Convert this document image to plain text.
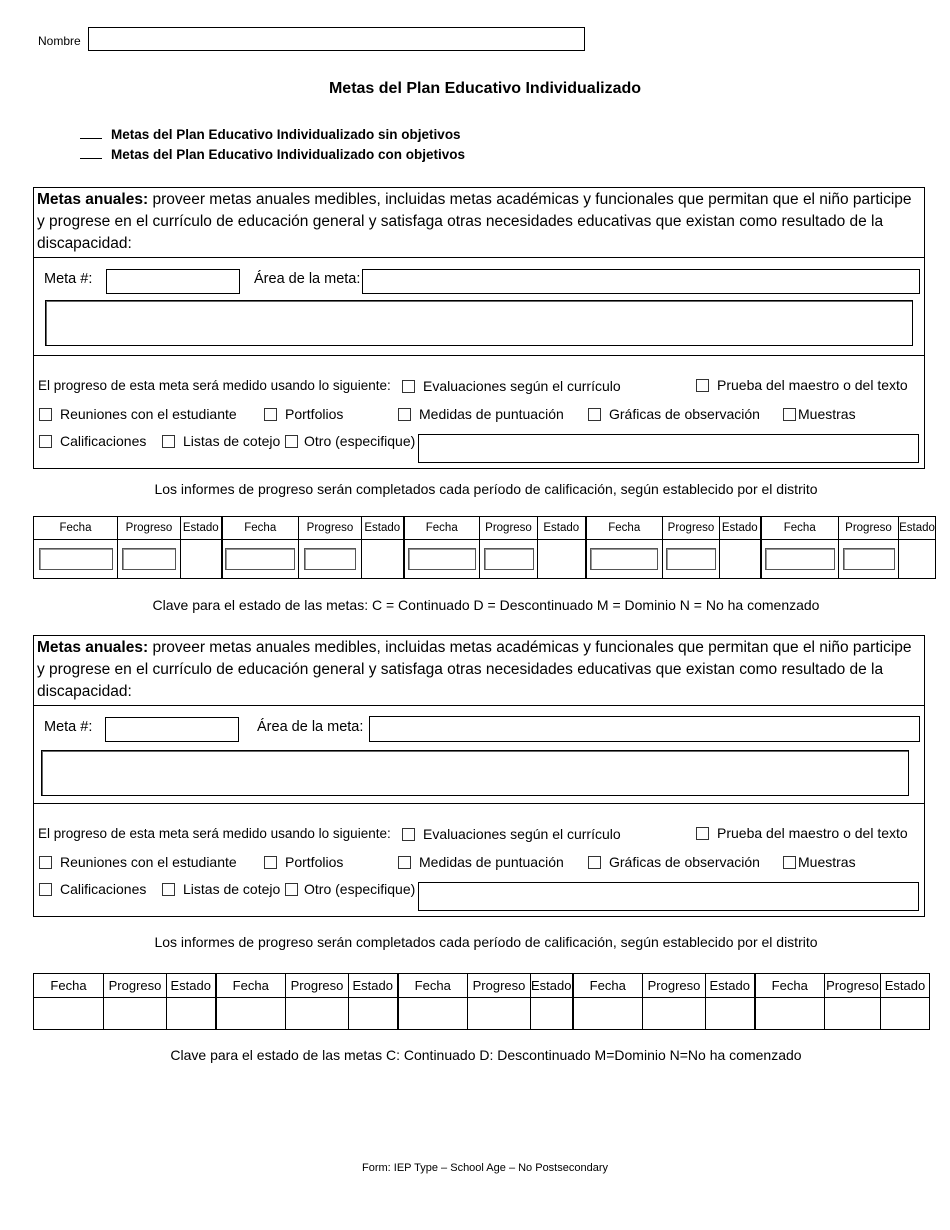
Nombre
Metas del Plan Educativo Individualizado
Metas del Plan Educativo Individualizado sin objetivos
Metas del Plan Educativo Individualizado con objetivos
Metas anuales: proveer metas anuales medibles, incluidas metas académicas y funcionales que permitan que el niño participe y progrese en el currículo de educación general y satisfaga otras necesidades educativas que existan como resultado de la discapacidad:
Meta #:	Área de la meta:
El progreso de esta meta será medido usando lo siguiente: Evaluaciones según el currículo	Prueba del maestro o del texto
Reuniones con el estudiante	Portfolios	Medidas de puntuación	Gráficas de observación	Muestras
Calificaciones	Listas de cotejo Otro (especifique)
Los informes de progreso serán completados cada período de calificación, según establecido por el distrito
Fecha	Progreso	Estado	Fecha	Progreso	Estado	Fecha	Progreso	Estado	Fecha	Progreso	Estado	Fecha	Progreso	Estado

Clave para el estado de las metas: C = Continuado D = Descontinuado M = Dominio N = No ha comenzado
Metas anuales: proveer metas anuales medibles, incluidas metas académicas y funcionales que permitan que el niño participe y progrese en el currículo de educación general y satisfaga otras necesidades educativas que existan como resultado de la discapacidad:
Meta #:	Área de la meta:
El progreso de esta meta será medido usando lo siguiente: Evaluaciones según el currículo	Prueba del maestro o del texto
Reuniones con el estudiante	Portfolios	Medidas de puntuación	Gráficas de observación	Muestras
Calificaciones	Listas de cotejo Otro (especifique)
Los informes de progreso serán completados cada período de calificación, según establecido por el distrito
Fecha	Progreso	Estado	Fecha	Progreso	Estado	Fecha	Progreso	Estado	Fecha	Progreso	Estado	Fecha	Progreso	Estado

Clave para el estado de las metas C: Continuado D: Descontinuado M=Dominio N=No ha comenzado
Form: IEP Type – School Age – No Postsecondary
